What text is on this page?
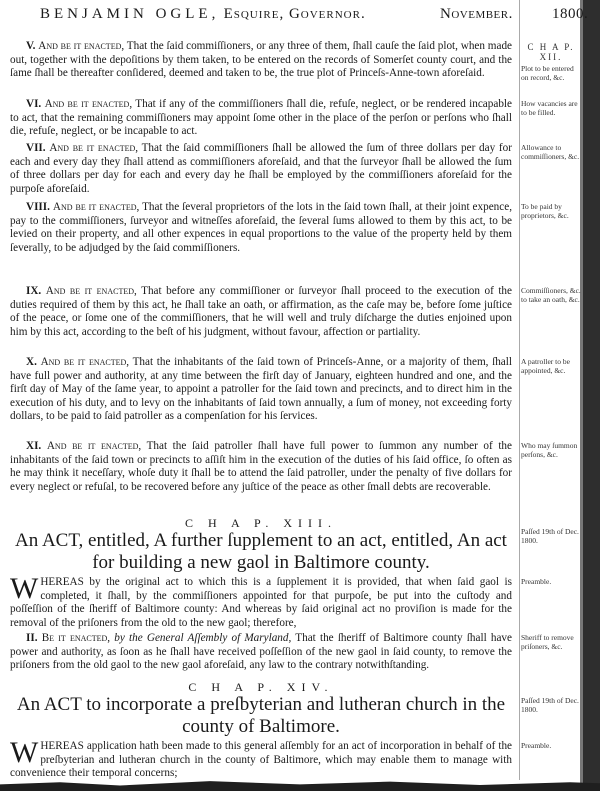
BENJAMIN OGLE, Esquire, Governor.	November.	1800.
V. And be it enacted, That the ſaid commiſſioners, or any three of them, ſhall cauſe the ſaid plot, when made out, together with the depoſitions by them taken, to be entered on the records of Somerſet county court, and the ſame ſhall be thereafter conſidered, deemed and taken to be, the true plot of Princeſs-Anne-town aforeſaid.
VI. And be it enacted, That if any of the commiſſioners ſhall die, refuſe, neglect, or be rendered incapable to act, that the remaining commiſſioners may appoint ſome other in the place of the perſon or perſons who ſhall die, refuſe, neglect, or be incapable to act.
VII. And be it enacted, That the ſaid commiſſioners ſhall be allowed the ſum of three dollars per day for each and every day they ſhall attend as commiſſioners aforeſaid, and that the ſurveyor ſhall be allowed the ſum of three dollars per day for each and every day he ſhall be employed by the commiſſioners aforeſaid for the purpoſe aforeſaid.
VIII. And be it enacted, That the ſeveral proprietors of the lots in the ſaid town ſhall, at their joint expence, pay to the commiſſioners, ſurveyor and witneſſes aforeſaid, the ſeveral ſums allowed to them by this act, to be levied on their property, and all other expences in equal proportions to the value of the property held by them ſeverally, to be adjudged by the ſaid commiſſioners.
IX. And be it enacted, That before any commiſſioner or ſurveyor ſhall proceed to the execution of the duties required of them by this act, he ſhall take an oath, or affirmation, as the caſe may be, before ſome juſtice of the peace, or ſome one of the commiſſioners, that he will well and truly diſcharge the duties enjoined upon him by this act, according to the beſt of his judgment, without favour, affection or partiality.
X. And be it enacted, That the inhabitants of the ſaid town of Princeſs-Anne, or a majority of them, ſhall have full power and authority, at any time between the firſt day of January, eighteen hundred and one, and the firſt day of May of the ſame year, to appoint a patroller for the ſaid town and precincts, and to direct him in the execution of his duty, and to levy on the inhabitants of ſaid town annually, a ſum of money, not exceeding forty dollars, to be paid to ſaid patroller as a compenſation for his ſervices.
XI. And be it enacted, That the ſaid patroller ſhall have full power to ſummon any number of the inhabitants of the ſaid town or precincts to aſſiſt him in the execution of the duties of his ſaid office, ſo often as he may think it neceſſary, whoſe duty it ſhall be to attend the ſaid patroller, under the penalty of five dollars for every neglect or refuſal, to be recovered before any juſtice of the peace as other ſmall debts are recoverable.
C H A P. XIII.
An ACT, entitled, A further ſupplement to an act, entitled, An act for building a new gaol in Baltimore county.
WHEREAS by the original act to which this is a ſupplement it is provided, that when ſaid gaol is completed, it ſhall, by the commiſſioners appointed for that purpoſe, be put into the cuſtody and poſſeſſion of the ſheriff of Baltimore county: And whereas by ſaid original act no proviſion is made for the removal of the priſoners from the old to the new gaol; therefore,
II. Be it enacted, by the General Aſſembly of Maryland, That the ſheriff of Baltimore county ſhall have power and authority, as ſoon as he ſhall have received poſſeſſion of the new gaol in ſaid county, to remove the priſoners from the old gaol to the new gaol aforeſaid, any law to the contrary notwithſtanding.
C H A P. XIV.
An ACT to incorporate a preſbyterian and lutheran church in the county of Baltimore.
WHEREAS application hath been made to this general aſſembly for an act of incorporation in behalf of the preſbyterian and lutheran church in the county of Baltimore, which may enable them to manage with convenience their temporal concerns;
C H A P. XII.
Plot to be entered on record, &c.
How vacancies are to be filled.
Allowance to commiſſioners, &c.
To be paid by proprietors, &c.
Commiſſioners, &c. to take an oath, &c.
A patroller to be appointed, &c.
Who may ſummon perſons, &c.
Paſſed 19th of Dec. 1800.
Preamble.
Sheriff to remove priſoners, &c.
Paſſed 19th of Dec. 1800.
Preamble.
